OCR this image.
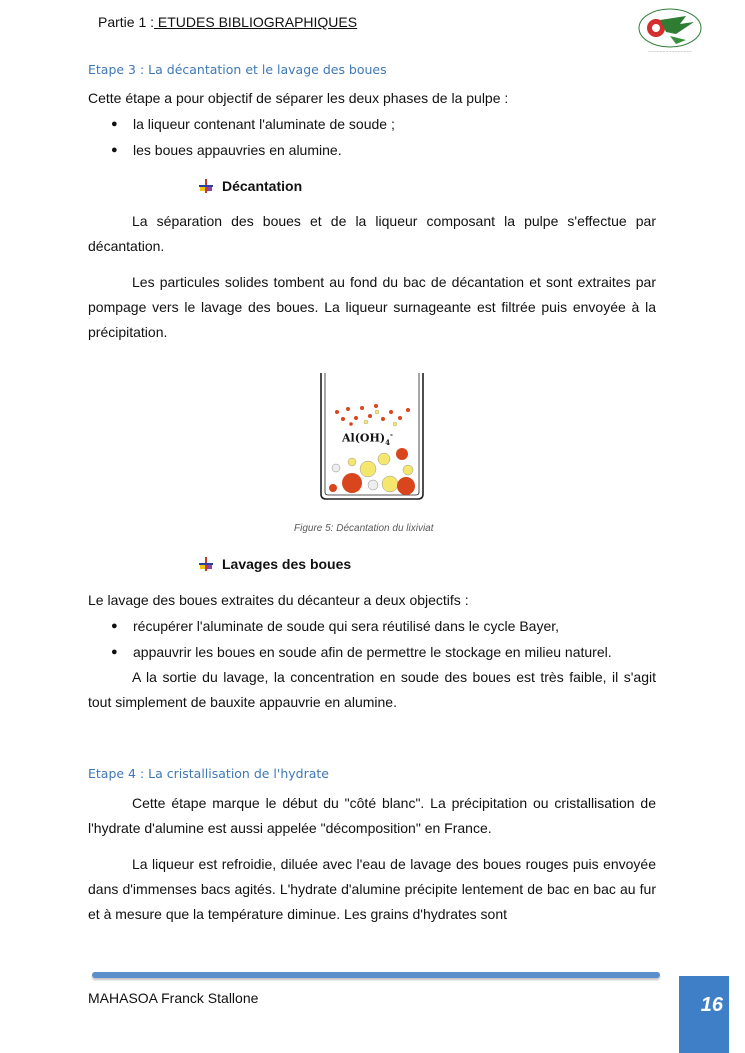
Partie 1 : ETUDES BIBLIOGRAPHIQUES
~~~~~~~~~~~~~~~
Etape 3 : La décantation et le lavage des boues
Cette étape a pour objectif de séparer les deux phases de la pulpe :
● la liqueur contenant l'aluminate de soude ;
● les boues appauvries en alumine.
Décantation
La séparation des boues et de la liqueur composant la pulpe s'effectue par décantation.
Les particules solides tombent au fond du bac de décantation et sont extraites par pompage vers le lavage des boues. La liqueur surnageante est filtrée puis envoyée à la précipitation.
$Al(OH)_4^-$
Figure 5: Décantation du lixiviat
Lavages des boues
Le lavage des boues extraites du décanteur a deux objectifs :
● récupérer l'aluminate de soude qui sera réutilisé dans le cycle Bayer,
● appauvrir les boues en soude afin de permettre le stockage en milieu naturel.
A la sortie du lavage, la concentration en soude des boues est très faible, il s'agit tout simplement de bauxite appauvrie en alumine.
Etape 4 : La cristallisation de l'hydrate
Cette étape marque le début du "côté blanc". La précipitation ou cristallisation de l'hydrate d'alumine est aussi appelée "décomposition" en France.
La liqueur est refroidie, diluée avec l'eau de lavage des boues rouges puis envoyée dans d'immenses bacs agités. L'hydrate d'alumine précipite lentement de bac en bac au fur et à mesure que la température diminue. Les grains d'hydrates sont
MAHASOA Franck Stallone	16
